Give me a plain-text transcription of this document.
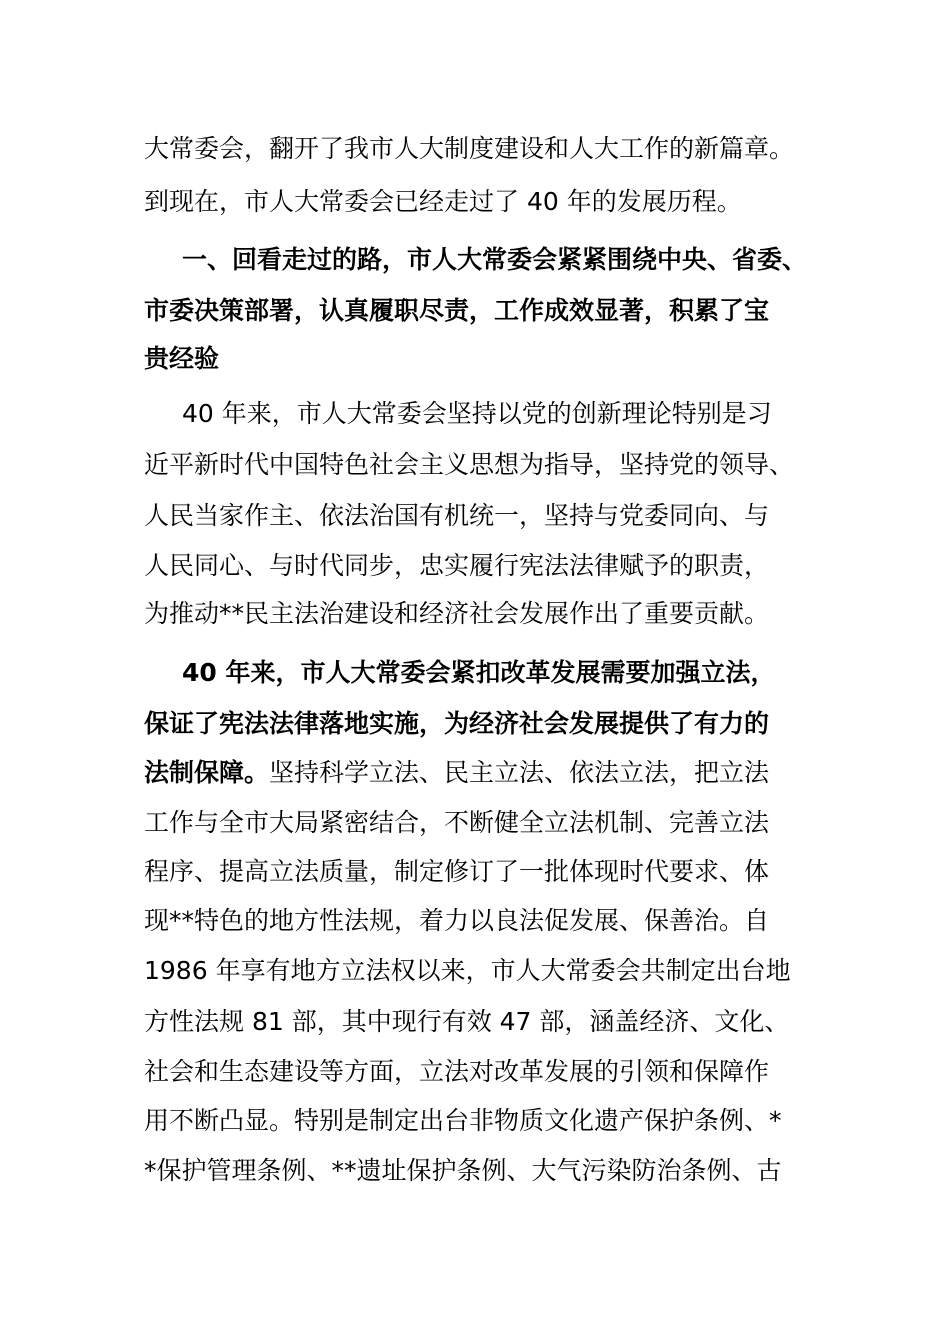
大常委会，翻开了我市人大制度建设和人大工作的新篇章。
到现在，市人大常委会已经走过了 40 年的发展历程。
一、回看走过的路，市人大常委会紧紧围绕中央、省委、
市委决策部署，认真履职尽责，工作成效显著，积累了宝
贵经验
40 年来，市人大常委会坚持以党的创新理论特别是习
近平新时代中国特色社会主义思想为指导，坚持党的领导、
人民当家作主、依法治国有机统一，坚持与党委同向、与
人民同心、与时代同步，忠实履行宪法法律赋予的职责，
为推动**民主法治建设和经济社会发展作出了重要贡献。
40 年来，市人大常委会紧扣改革发展需要加强立法，
保证了宪法法律落地实施，为经济社会发展提供了有力的
法制保障。坚持科学立法、民主立法、依法立法，把立法
工作与全市大局紧密结合，不断健全立法机制、完善立法
程序、提高立法质量，制定修订了一批体现时代要求、体
现**特色的地方性法规，着力以良法促发展、保善治。自
1986 年享有地方立法权以来，市人大常委会共制定出台地
方性法规 81 部，其中现行有效 47 部，涵盖经济、文化、
社会和生态建设等方面，立法对改革发展的引领和保障作
用不断凸显。特别是制定出台非物质文化遗产保护条例、*
*保护管理条例、**遗址保护条例、大气污染防治条例、古
